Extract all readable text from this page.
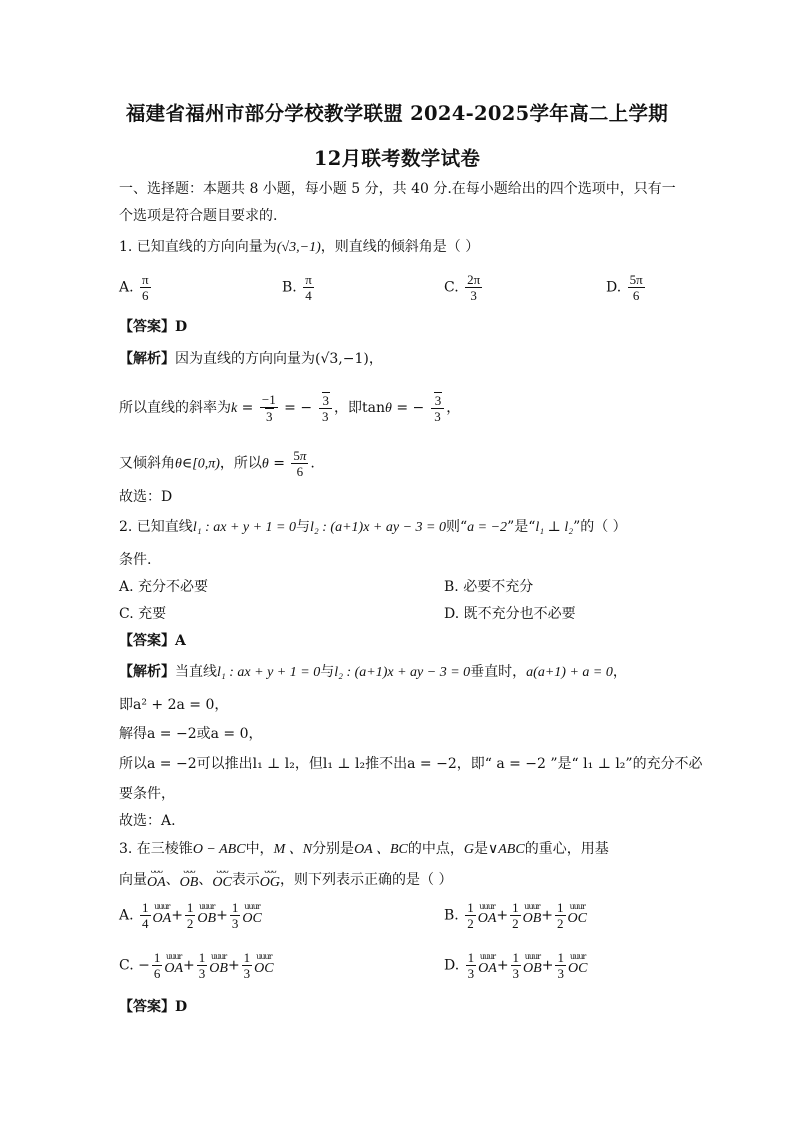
福建省福州市部分学校教学联盟 2024-2025学年高二上学期
12月联考数学试卷
一、选择题：本题共 8 小题，每小题 5 分，共 40 分.在每小题给出的四个选项中，只有一
个选项是符合题目要求的.
1. 已知直线的方向向量为(√3,−1)，则直线的倾斜角是（ ）
A. $\frac{\pi}{6}$	B. $\frac{\pi}{4}$	C. $\frac{2\pi}{3}$	D. $\frac{5\pi}{6}$
【答案】D
【解析】因为直线的方向向量为(√3,−1)，
所以直线的斜率为$k = \frac{-1}{3}$ = − $\frac{3}{3}$ ，即tanθ = − $\frac{3}{3}$ ，
又倾斜角θ∈[0,π)，所以$\theta = \frac{5\pi}{6}$ .
故选：D
2. 已知直线l₁ : ax + y + 1 = 0与l₂ : (a+1)x + ay − 3 = 0则“a = −2”是“l₁ ⊥ l₂”的（ ）
条件.
A. 充分不必要	B. 必要不充分
C. 充要	D. 既不充分也不必要
【答案】A
【解析】当直线l₁ : ax + y + 1 = 0与l₂ : (a+1)x + ay − 3 = 0垂直时，a(a+1) + a = 0，
即a² + 2a = 0，
解得a = −2或a = 0，
所以a = −2可以推出l₁ ⊥ l₂，但l₁ ⊥ l₂推不出a = −2，即“ a = −2 ”是“ l₁ ⊥ l₂”的充分不必
要条件，
故选：A.
3. 在三棱锥O − ABC中，M 、N分别是OA 、BC的中点，G是∨ABC的重心，用基
向量
ᴗᴗᴗ
OA 、
ᴗᴗᴗ
OB 、
ᴗᴗᴗ
OC 表示
ᴗᴗᴗ
OG ，则下列表示正确的是（ ）
A. $\frac{1}{4}$ uuur
OA + $\frac{1}{2}$ uuur
OB + $\frac{1}{3}$ uuur
OC	B. $\frac{1}{2}$ uuur
OA + $\frac{1}{2}$ uuur
OB + $\frac{1}{2}$ uuur
OC
C. − $\frac{1}{6}$ uuur
OA + $\frac{1}{3}$ uuur
OB + $\frac{1}{3}$ uuur
OC	D. $\frac{1}{3}$ uuur
OA + $\frac{1}{3}$ uuur
OB + $\frac{1}{3}$ uuur
OC
【答案】D
